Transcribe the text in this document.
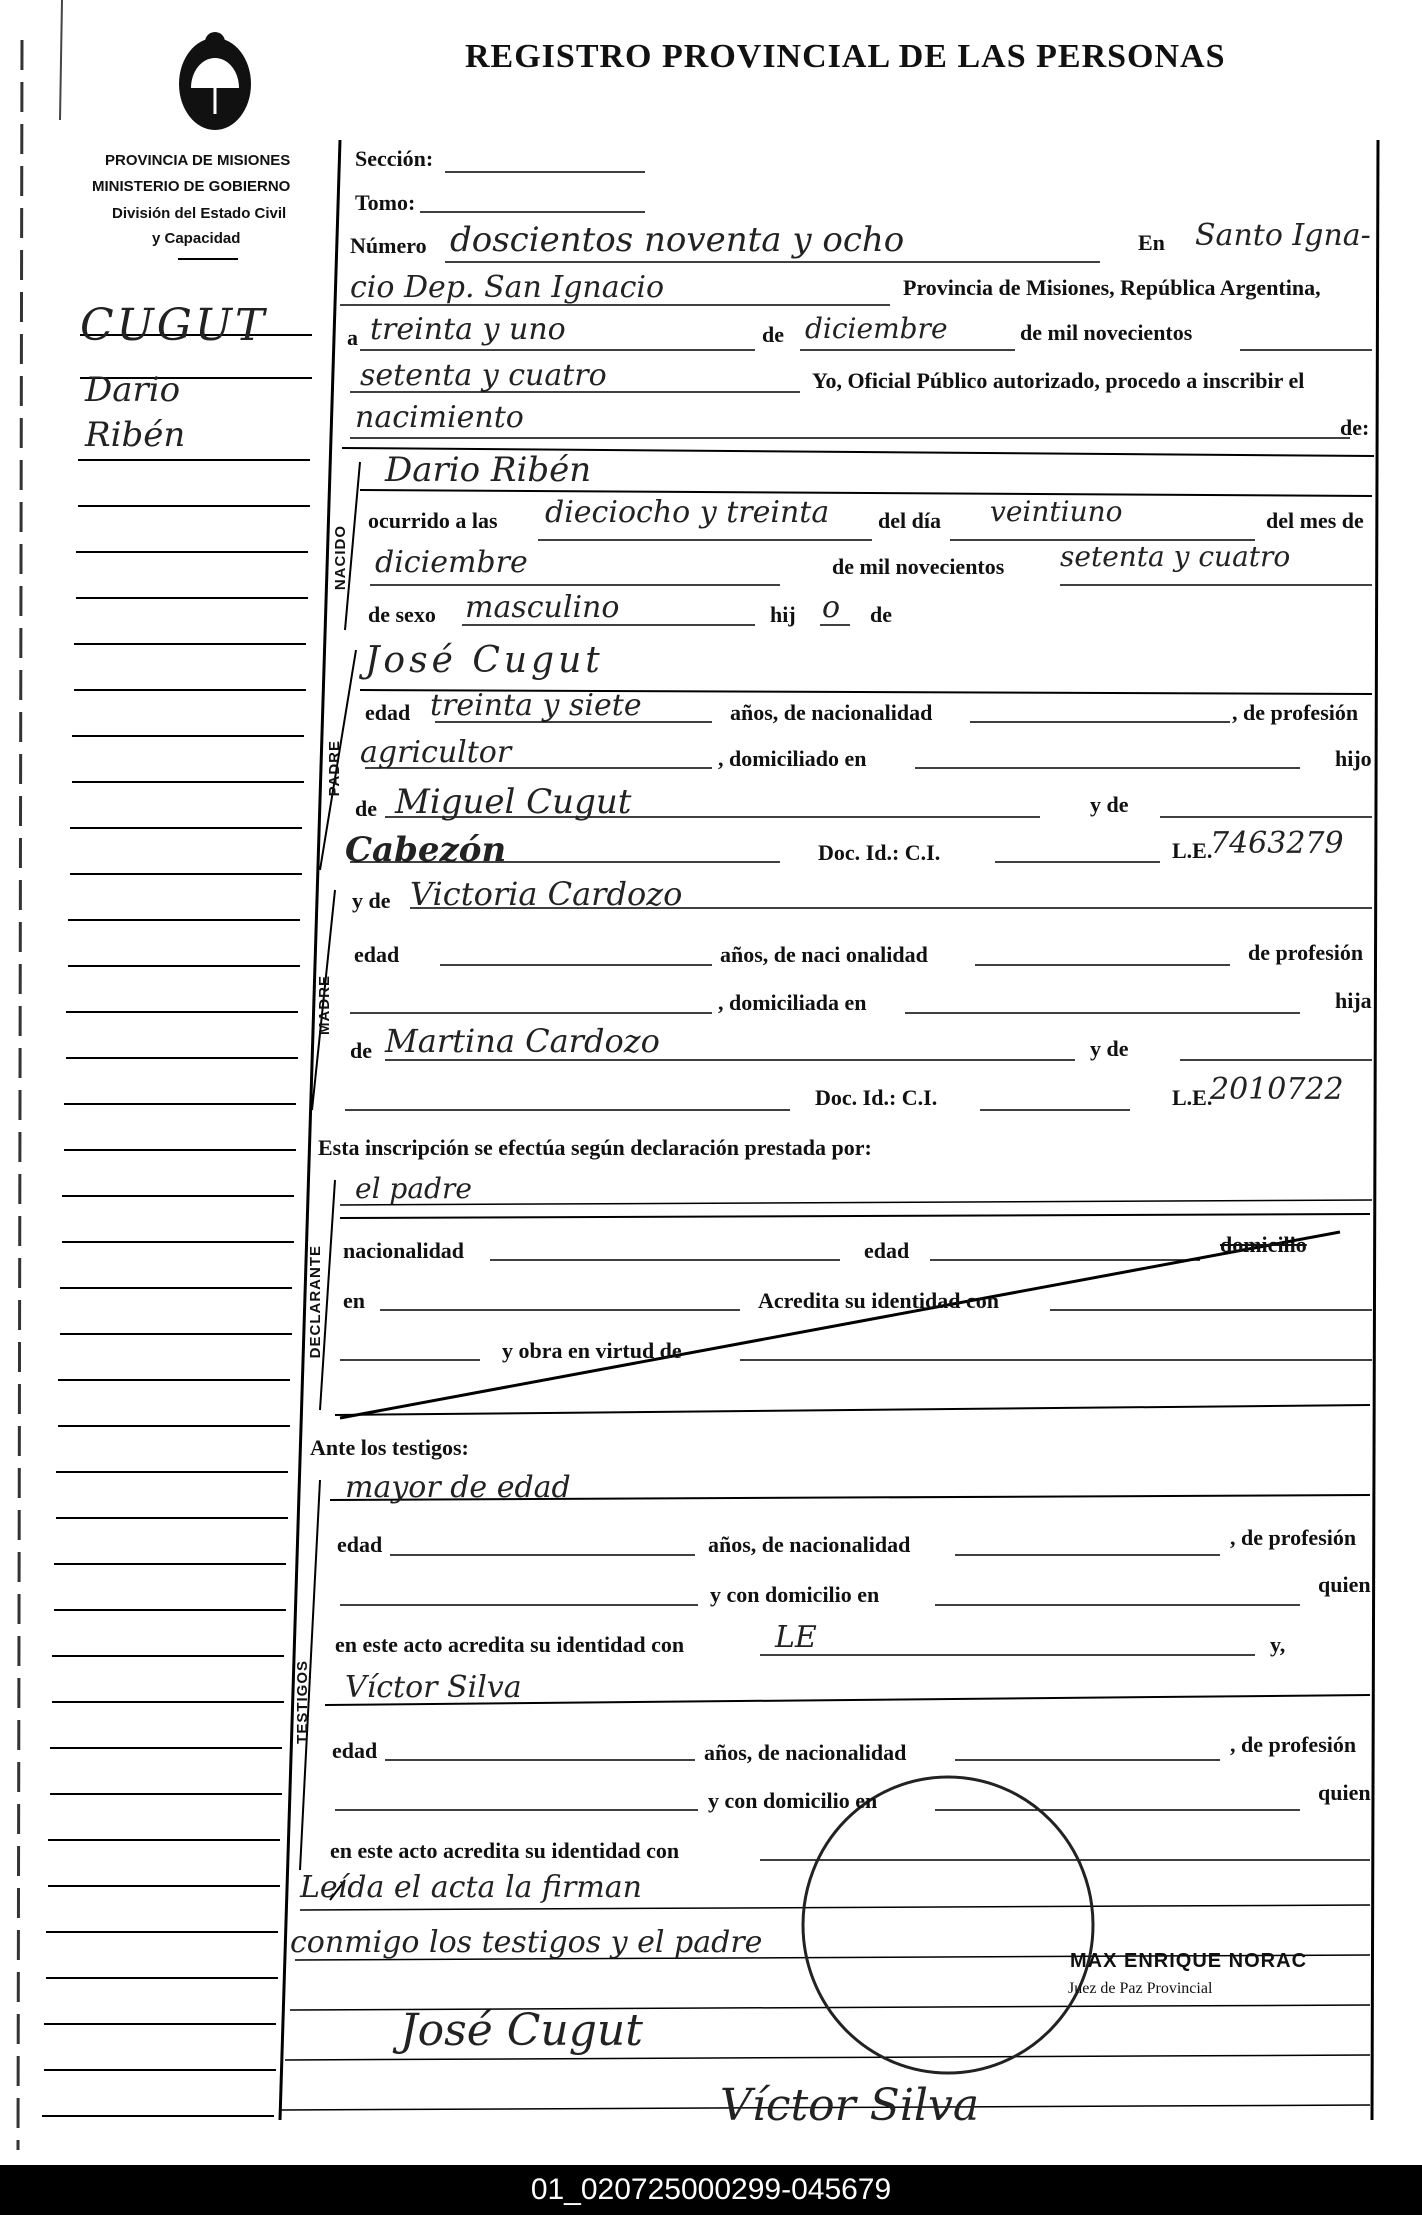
REGISTRO PROVINCIAL DE LAS PERSONAS
PROVINCIA DE MISIONES
MINISTERIO DE GOBIERNO
División del Estado Civil
y Capacidad
CUGUT
Dario
Ribén
Sección:
Tomo:
Número doscientos noventa y ocho	En Santo Igna-
cio Dep. San Ignacio	Provincia de Misiones, República Argentina,
a treinta y uno	de diciembre	de mil novecientos
setenta y cuatro	Yo, Oficial Público autorizado, procedo a inscribir el
nacimiento	de:
NACIDO
Dario Ribén
ocurrido a las dieciocho y treinta del día veintiuno	del mes de
diciembre	de mil novecientos setenta y cuatro
de sexo masculino	hij o de
PADRE
José Cugut
edad treinta y siete	años, de nacionalidad	, de profesión
agricultor	, domiciliado en	hijo
de Miguel Cugut	y de
Cabezón	Doc. Id.: C.I.	L.E.
7463279
MADRE
y de Victoria Cardozo
edad	años, de naci onalidad	de profesión
, domiciliada en	hija
de Martina Cardozo	y de
Doc. Id.: C.I.	L.E.
2010722
Esta inscripción se efectúa según declaración prestada por:
DECLARANTE
el padre
nacionalidad	edad	domicilio
en	Acredita su identidad con
y obra en virtud de
Ante los testigos:
TESTIGOS
mayor de edad
edad	años, de nacionalidad	, de profesión
y con domicilio en	quien
en este acto acredita su identidad con	LE	y,
Víctor Silva
edad	años, de nacionalidad	, de profesión
y con domicilio en	quien
en este acto acredita su identidad con
Leída el acta la firman
conmigo los testigos y el padre
José Cugut
Víctor Silva
MAX ENRIQUE NORAC
Juez de Paz Provincial
01_020725000299-045679
